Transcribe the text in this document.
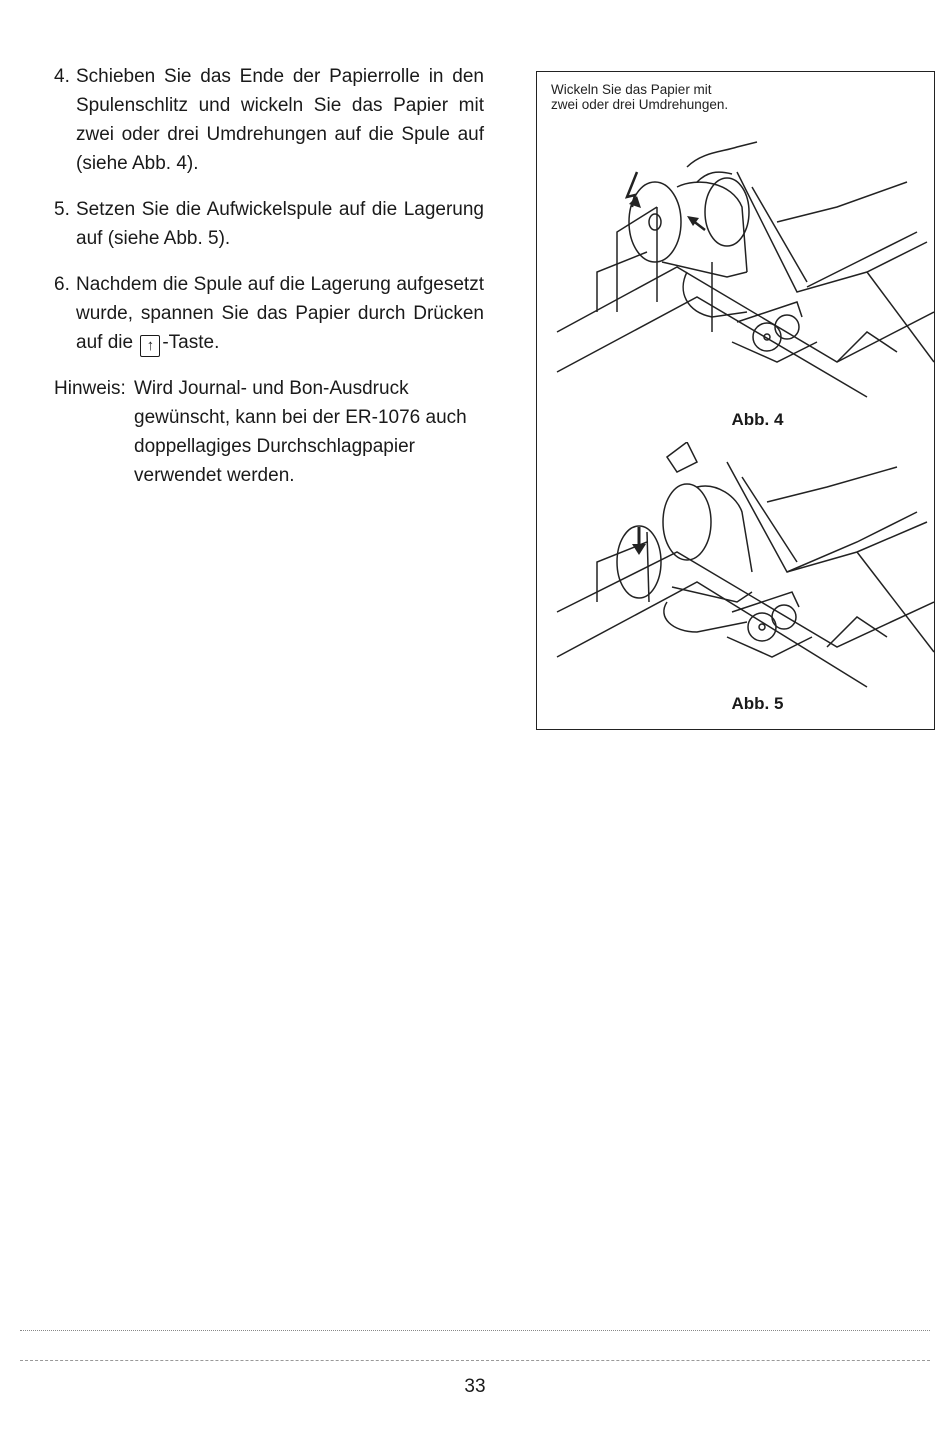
4. Schieben Sie das Ende der Papierrolle in den Spulenschlitz und wickeln Sie das Papier mit zwei oder drei Umdrehungen auf die Spule auf (siehe Abb. 4).
5. Setzen Sie die Aufwickelspule auf die Lagerung auf (siehe Abb. 5).
6. Nachdem die Spule auf die Lagerung aufgesetzt wurde, spannen Sie das Papier durch Drücken auf die ↑ -Taste.
Hinweis: Wird Journal- und Bon-Ausdruck gewünscht, kann bei der ER-1076 auch doppellagiges Durchschlagpapier verwendet werden.
Wickeln Sie das Papier mit
zwei oder drei Umdrehungen.
Abb. 4
Abb. 5
33
